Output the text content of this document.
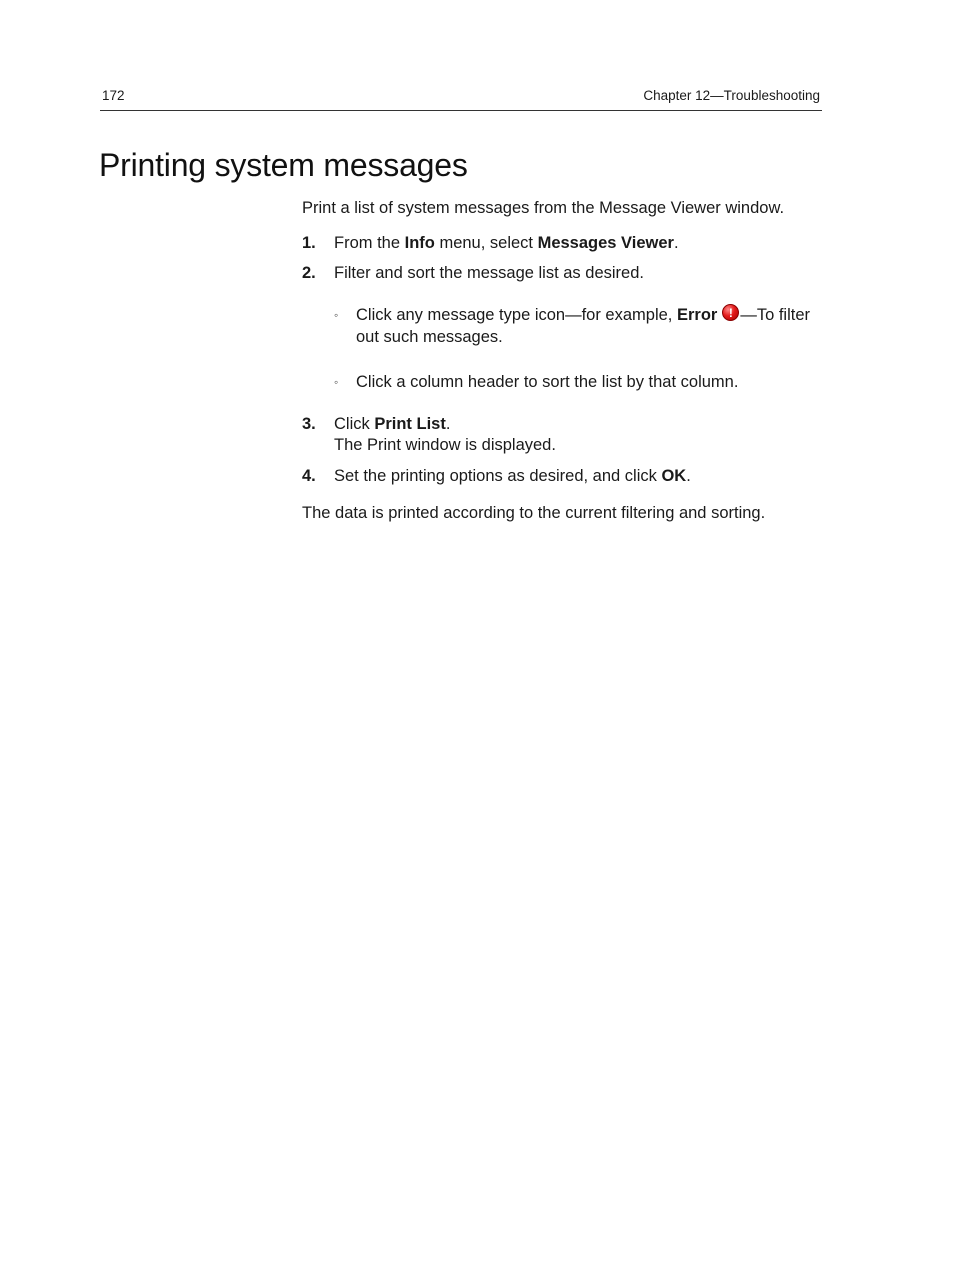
172	Chapter 12—Troubleshooting
Printing system messages

Print a list of system messages from the Message Viewer window.

1. From the Info menu, select Messages Viewer.
2. Filter and sort the message list as desired.
◦ Click any message type icon—for example, Error ! —To filter out such messages.
◦ Click a column header to sort the list by that column.
3. Click Print List.
The Print window is displayed.
4. Set the printing options as desired, and click OK.

The data is printed according to the current filtering and sorting.
